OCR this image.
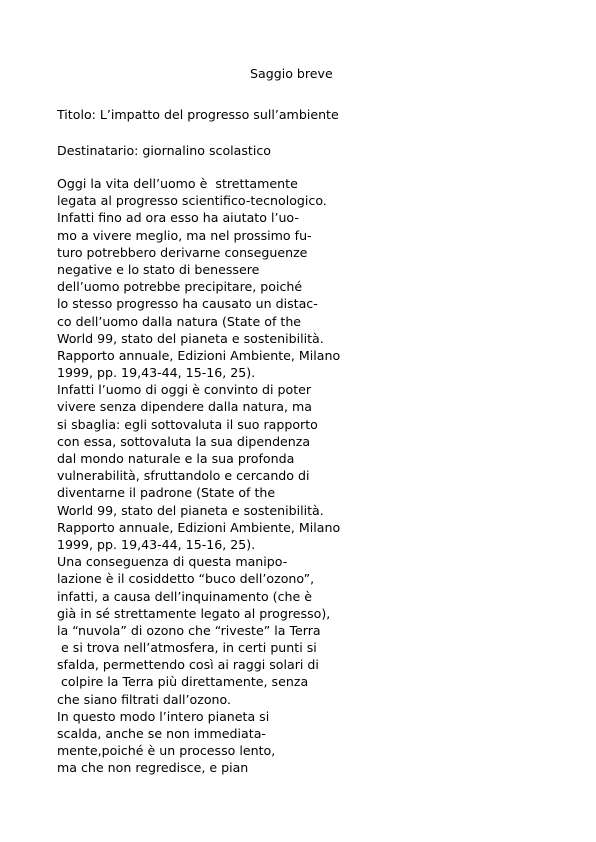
Saggio breve
Titolo: L’impatto del progresso sull’ambiente
Destinatario: giornalino scolastico
Oggi la vita dell’uomo è  strettamente
legata al progresso scientifico-tecnologico.
Infatti fino ad ora esso ha aiutato l’uo-
mo a vivere meglio, ma nel prossimo fu-
turo potrebbero derivarne conseguenze
negative e lo stato di benessere
dell’uomo potrebbe precipitare, poiché
lo stesso progresso ha causato un distac-
co dell’uomo dalla natura (State of the
World 99, stato del pianeta e sostenibilità.
Rapporto annuale, Edizioni Ambiente, Milano
1999, pp. 19,43-44, 15-16, 25).
Infatti l’uomo di oggi è convinto di poter
vivere senza dipendere dalla natura, ma
si sbaglia: egli sottovaluta il suo rapporto
con essa, sottovaluta la sua dipendenza
dal mondo naturale e la sua profonda
vulnerabilità, sfruttandolo e cercando di
diventarne il padrone (State of the
World 99, stato del pianeta e sostenibilità.
Rapporto annuale, Edizioni Ambiente, Milano
1999, pp. 19,43-44, 15-16, 25).
Una conseguenza di questa manipo-
lazione è il cosiddetto “buco dell’ozono”,
infatti, a causa dell’inquinamento (che è
già in sé strettamente legato al progresso),
la “nuvola” di ozono che “riveste” la Terra
e si trova nell’atmosfera, in certi punti si
sfalda, permettendo così ai raggi solari di
colpire la Terra più direttamente, senza
che siano filtrati dall’ozono.
In questo modo l’intero pianeta si
scalda, anche se non immediata-
mente,poiché è un processo lento,
ma che non regredisce, e pian
